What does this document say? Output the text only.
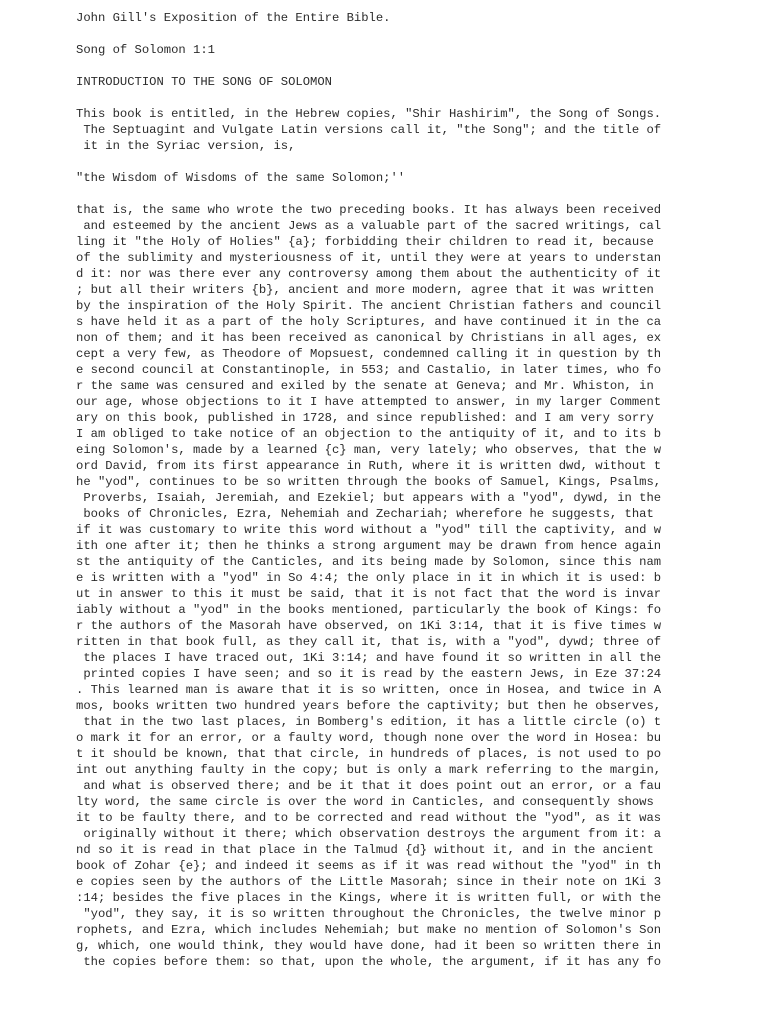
John Gill's Exposition of the Entire Bible.
Song of Solomon 1:1
INTRODUCTION TO THE SONG OF SOLOMON
This book is entitled, in the Hebrew copies, "Shir Hashirim", the Song of Songs.
The Septuagint and Vulgate Latin versions call it, "the Song"; and the title of
it in the Syriac version, is,
"the Wisdom of Wisdoms of the same Solomon;''
that is, the same who wrote the two preceding books. It has always been received
and esteemed by the ancient Jews as a valuable part of the sacred writings, cal
ling it "the Holy of Holies" {a}; forbidding their children to read it, because
of the sublimity and mysteriousness of it, until they were at years to understan
d it: nor was there ever any controversy among them about the authenticity of it
; but all their writers {b}, ancient and more modern, agree that it was written
by the inspiration of the Holy Spirit. The ancient Christian fathers and council
s have held it as a part of the holy Scriptures, and have continued it in the ca
non of them; and it has been received as canonical by Christians in all ages, ex
cept a very few, as Theodore of Mopsuest, condemned calling it in question by th
e second council at Constantinople, in 553; and Castalio, in later times, who fo
r the same was censured and exiled by the senate at Geneva; and Mr. Whiston, in
our age, whose objections to it I have attempted to answer, in my larger Comment
ary on this book, published in 1728, and since republished: and I am very sorry
I am obliged to take notice of an objection to the antiquity of it, and to its b
eing Solomon's, made by a learned {c} man, very lately; who observes, that the w
ord David, from its first appearance in Ruth, where it is written dwd, without t
he "yod", continues to be so written through the books of Samuel, Kings, Psalms,
Proverbs, Isaiah, Jeremiah, and Ezekiel; but appears with a "yod", dywd, in the
books of Chronicles, Ezra, Nehemiah and Zechariah; wherefore he suggests, that
if it was customary to write this word without a "yod" till the captivity, and w
ith one after it; then he thinks a strong argument may be drawn from hence again
st the antiquity of the Canticles, and its being made by Solomon, since this nam
e is written with a "yod" in So 4:4; the only place in it in which it is used: b
ut in answer to this it must be said, that it is not fact that the word is invar
iably without a "yod" in the books mentioned, particularly the book of Kings: fo
r the authors of the Masorah have observed, on 1Ki 3:14, that it is five times w
ritten in that book full, as they call it, that is, with a "yod", dywd; three of
the places I have traced out, 1Ki 3:14; and have found it so written in all the
printed copies I have seen; and so it is read by the eastern Jews, in Eze 37:24
. This learned man is aware that it is so written, once in Hosea, and twice in A
mos, books written two hundred years before the captivity; but then he observes,
that in the two last places, in Bomberg's edition, it has a little circle (o) t
o mark it for an error, or a faulty word, though none over the word in Hosea: bu
t it should be known, that that circle, in hundreds of places, is not used to po
int out anything faulty in the copy; but is only a mark referring to the margin,
and what is observed there; and be it that it does point out an error, or a fau
lty word, the same circle is over the word in Canticles, and consequently shows
it to be faulty there, and to be corrected and read without the "yod", as it was
originally without it there; which observation destroys the argument from it: a
nd so it is read in that place in the Talmud {d} without it, and in the ancient
book of Zohar {e}; and indeed it seems as if it was read without the "yod" in th
e copies seen by the authors of the Little Masorah; since in their note on 1Ki 3
:14; besides the five places in the Kings, where it is written full, or with the
"yod", they say, it is so written throughout the Chronicles, the twelve minor p
rophets, and Ezra, which includes Nehemiah; but make no mention of Solomon's Son
g, which, one would think, they would have done, had it been so written there in
the copies before them: so that, upon the whole, the argument, if it has any fo
